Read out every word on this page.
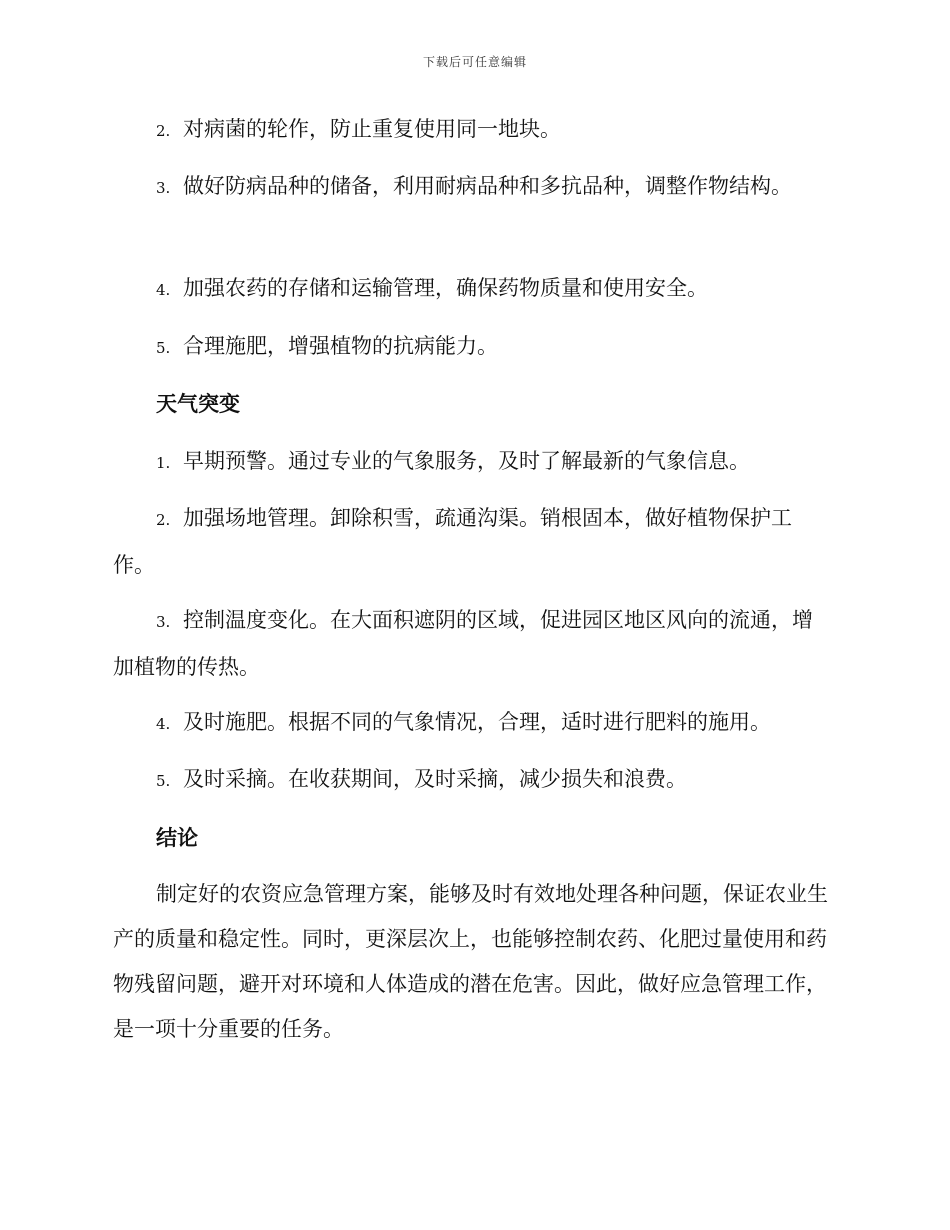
下载后可任意编辑
2. 对病菌的轮作，防止重复使用同一地块。
3. 做好防病品种的储备，利用耐病品种和多抗品种，调整作物结构。
4. 加强农药的存储和运输管理，确保药物质量和使用安全。
5. 合理施肥，增强植物的抗病能力。
天气突变
1. 早期预警。通过专业的气象服务，及时了解最新的气象信息。
2. 加强场地管理。卸除积雪，疏通沟渠。销根固本，做好植物保护工作。
3. 控制温度变化。在大面积遮阴的区域，促进园区地区风向的流通，增加植物的传热。
4. 及时施肥。根据不同的气象情况，合理，适时进行肥料的施用。
5. 及时采摘。在收获期间，及时采摘，减少损失和浪费。
结论
制定好的农资应急管理方案，能够及时有效地处理各种问题，保证农业生产的质量和稳定性。同时，更深层次上，也能够控制农药、化肥过量使用和药物残留问题，避开对环境和人体造成的潜在危害。因此，做好应急管理工作，是一项十分重要的任务。
